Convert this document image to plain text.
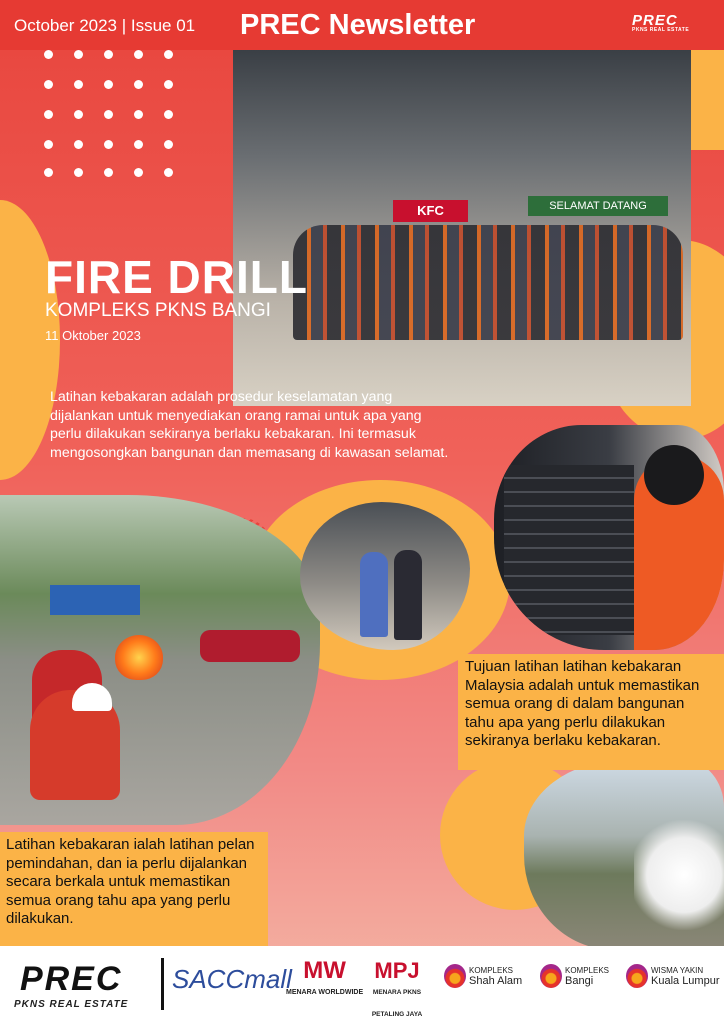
October 2023 | Issue 01 PREC Newsletter	PREC
PKNS REAL ESTATE
KFC	SELAMAT DATANG
FIRE DRILL
KOMPLEKS PKNS BANGI
11 Oktober 2023
Latihan kebakaran adalah prosedur keselamatan yang dijalankan untuk menyediakan orang ramai untuk apa yang perlu dilakukan sekiranya berlaku kebakaran. Ini termasuk mengosongkan bangunan dan memasang di kawasan selamat.
Tujuan latihan latihan kebakaran Malaysia adalah untuk memastikan semua orang di dalam bangunan tahu apa yang perlu dilakukan sekiranya berlaku kebakaran.
Latihan kebakaran ialah latihan pelan pemindahan, dan ia perlu dijalankan secara berkala untuk memastikan semua orang tahu apa yang perlu dilakukan.
PREC
PKNS REAL ESTATE
SACCmall MW
MENARA WORLDWIDE
MPJ
MENARA PKNS PETALING JAYA
KOMPLEKS
Shah Alam
KOMPLEKS
Bangi
WISMA YAKIN
Kuala Lumpur
